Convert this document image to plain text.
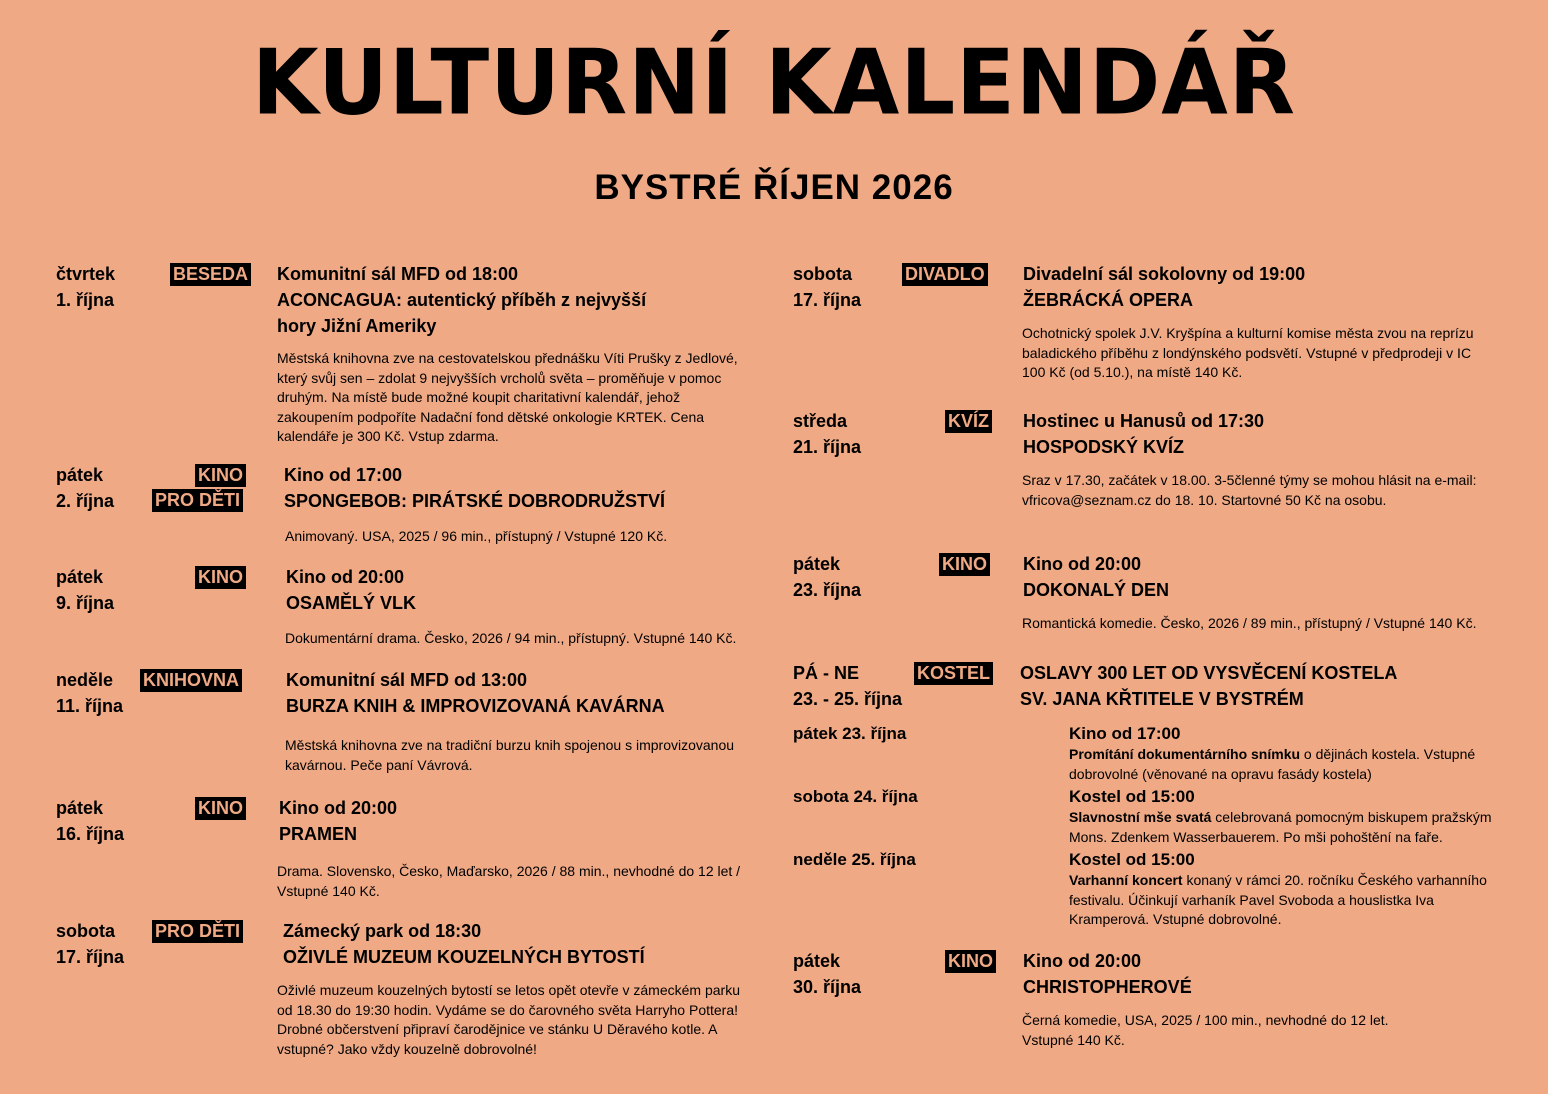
KULTURNÍ KALENDÁŘ
BYSTRÉ ŘÍJEN 2026
čtvrtek
1. října
BESEDA Komunitní sál MFD od 18:00
ACONCAGUA: autentický příběh z nejvyšší
hory Jižní Ameriky
Městská knihovna zve na cestovatelskou přednášku Víti Prušky z Jedlové, který svůj sen – zdolat 9 nejvyšších vrcholů světa – proměňuje v pomoc druhým. Na místě bude možné koupit charitativní kalendář, jehož zakoupením podpoříte Nadační fond dětské onkologie KRTEK. Cena kalendáře je 300 Kč. Vstup zdarma.
pátek
2. října
KINO
PRO DĚTI
Kino od 17:00
SPONGEBOB: PIRÁTSKÉ DOBRODRUŽSTVÍ
Animovaný. USA, 2025 / 96 min., přístupný / Vstupné 120 Kč.
pátek
9. října
KINO Kino od 20:00
OSAMĚLÝ VLK
Dokumentární drama. Česko, 2026 / 94 min., přístupný. Vstupné 140 Kč.
neděle
11. října
KNIHOVNA	Komunitní sál MFD od 13:00
BURZA KNIH & IMPROVIZOVANÁ KAVÁRNA
Městská knihovna zve na tradiční burzu knih spojenou s improvizovanou kavárnou. Peče paní Vávrová.
pátek
16. října
KINO Kino od 20:00
PRAMEN
Drama. Slovensko, Česko, Maďarsko, 2026 / 88 min., nevhodné do 12 let / Vstupné 140 Kč.
sobota
17. října
PRO DĚTI Zámecký park od 18:30
OŽIVLÉ MUZEUM KOUZELNÝCH BYTOSTÍ
Oživlé muzeum kouzelných bytostí se letos opět otevře v zámeckém parku od 18.30 do 19:30 hodin. Vydáme se do čarovného světa Harryho Pottera! Drobné občerstvení připraví čarodějnice ve stánku U Děravého kotle. A vstupné? Jako vždy kouzelně dobrovolné!
sobota
17. října
DIVADLO Divadelní sál sokolovny od 19:00
ŽEBRÁCKÁ OPERA
Ochotnický spolek J.V. Kryšpína a kulturní komise města zvou na reprízu baladického příběhu z londýnského podsvětí. Vstupné v předprodeji v IC 100 Kč (od 5.10.), na místě 140 Kč.
středa
21. října
KVÍZ Hostinec u Hanusů od 17:30
HOSPODSKÝ KVÍZ
Sraz v 17.30, začátek v 18.00. 3-5členné týmy se mohou hlásit na e-mail: vfricova@seznam.cz do 18. 10. Startovné 50 Kč na osobu.
pátek
23. října
KINO Kino od 20:00
DOKONALÝ DEN
Romantická komedie. Česko, 2026 / 89 min., přístupný / Vstupné 140 Kč.
PÁ - NE
23. - 25. října
KOSTEL OSLAVY 300 LET OD VYSVĚCENÍ KOSTELA
SV. JANA KŘTITELE V BYSTRÉM
pátek 23. října	Kino od 17:00
Promítání dokumentárního snímku o dějinách kostela. Vstupné dobrovolné (věnované na opravu fasády kostela)
sobota 24. října	Kostel od 15:00
Slavnostní mše svatá celebrovaná pomocným biskupem pražským Mons. Zdenkem Wasserbauerem. Po mši pohoštění na faře.
neděle 25. října	Kostel od 15:00
Varhanní koncert konaný v rámci 20. ročníku Českého varhanního festivalu. Účinkují varhaník Pavel Svoboda a houslistka Iva Kramperová. Vstupné dobrovolné.
pátek
30. října
KINO Kino od 20:00
CHRISTOPHEROVÉ
Černá komedie, USA, 2025 / 100 min., nevhodné do 12 let. Vstupné 140 Kč.
